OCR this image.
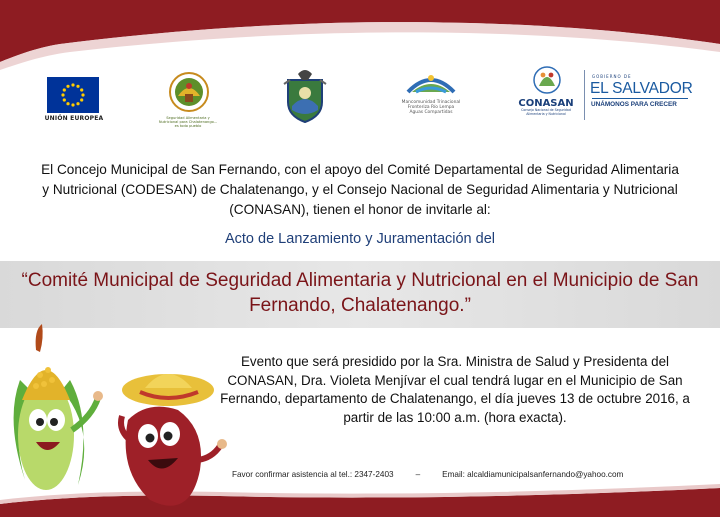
UNIÓN EUROPEA	Seguridad Alimentaria y Nutricional para Chalatenango... es todo pueblo
Mancomunidad Trinacional Fronteriza Río Lempa
Aguas Compartidas
CONASAN
Consejo Nacional de Seguridad Alimentaria y Nutricional
GOBIERNO DE
EL SALVADOR
UNÁMONOS PARA CRECER
El Concejo Municipal de San Fernando, con el apoyo del Comité Departamental de Seguridad Alimentaria y Nutricional (CODESAN) de Chalatenango, y el Consejo Nacional de Seguridad Alimentaria y Nutricional (CONASAN), tienen el honor de invitarle al:
Acto de Lanzamiento y Juramentación del
“Comité Municipal de Seguridad Alimentaria y Nutricional en el Municipio de San Fernando, Chalatenango.”
Evento que será presidido por la Sra. Ministra de Salud y Presidenta del CONASAN, Dra. Violeta Menjívar el cual tendrá lugar en el Municipio de San Fernando, departamento de Chalatenango, el día jueves 13 de octubre 2016, a partir de las 10:00 a.m. (hora exacta).
Favor confirmar asistencia al tel.: 2347-2403	–	Email: alcaldiamunicipalsanfernando@yahoo.com
